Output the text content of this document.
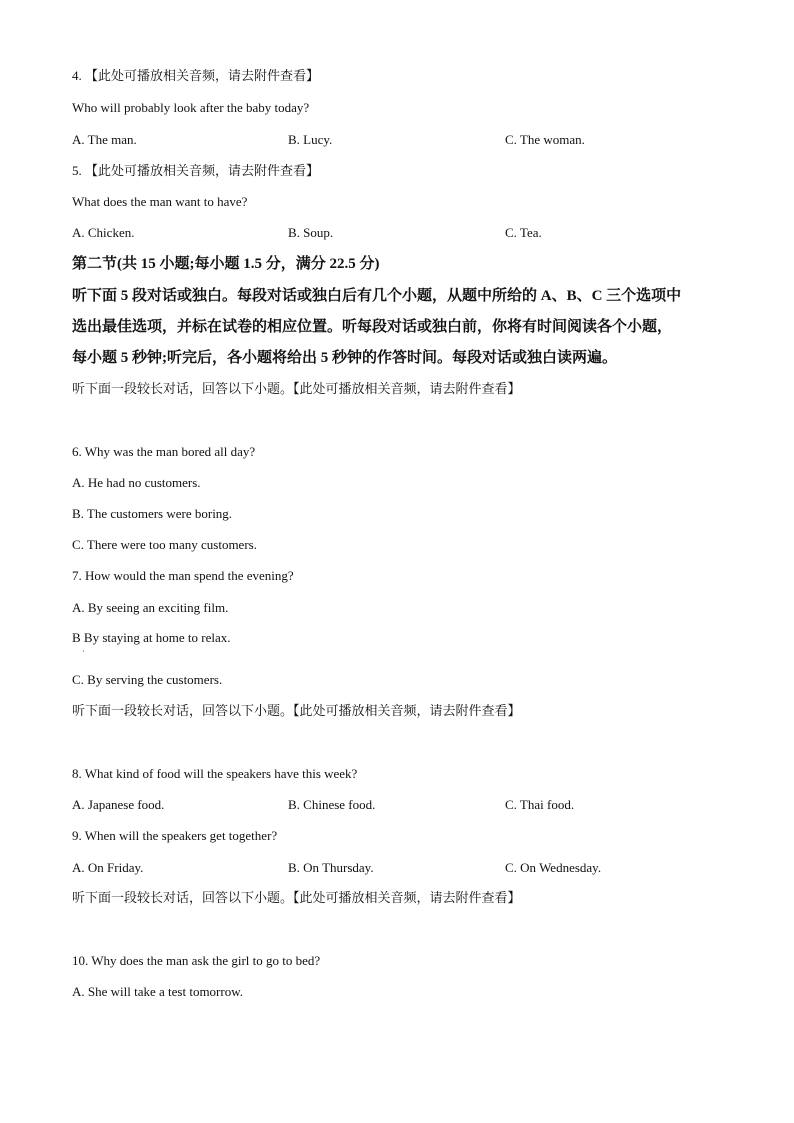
4. 【此处可播放相关音频，请去附件查看】
Who will probably look after the baby today?
A. The man.	B. Lucy.	C. The woman.
5. 【此处可播放相关音频，请去附件查看】
What does the man want to have?
A. Chicken.	B. Soup.	C. Tea.
第二节(共 15 小题;每小题 1.5 分，满分 22.5 分)
听下面 5 段对话或独白。每段对话或独白后有几个小题，从题中所给的 A、B、C 三个选项中
选出最佳选项，并标在试卷的相应位置。听每段对话或独白前，你将有时间阅读各个小题，
每小题 5 秒钟;听完后，各小题将给出 5 秒钟的作答时间。每段对话或独白读两遍。
听下面一段较长对话，回答以下小题。【此处可播放相关音频，请去附件查看】
6. Why was the man bored all day?
A. He had no customers.
B. The customers were boring.
C. There were too many customers.
7. How would the man spend the evening?
A. By seeing an exciting film.
B By staying at home to relax.
·
C. By serving the customers.
听下面一段较长对话，回答以下小题。【此处可播放相关音频，请去附件查看】
8. What kind of food will the speakers have this week?
A. Japanese food.	B. Chinese food.	C. Thai food.
9. When will the speakers get together?
A. On Friday.	B. On Thursday.	C. On Wednesday.
听下面一段较长对话，回答以下小题。【此处可播放相关音频，请去附件查看】
10. Why does the man ask the girl to go to bed?
A. She will take a test tomorrow.
